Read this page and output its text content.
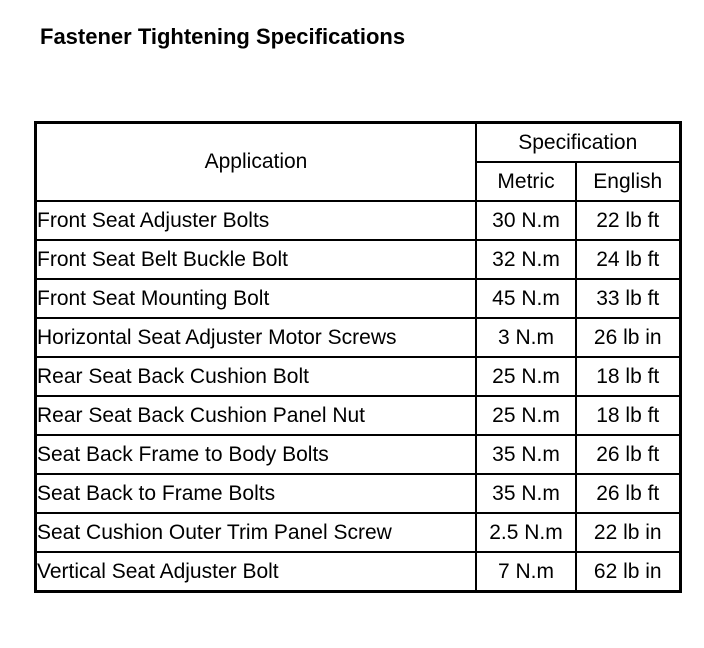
Fastener Tightening Specifications
Application	Specification	
	Metric	English
Front Seat Adjuster Bolts	30 N.m	22 lb ft
Front Seat Belt Buckle Bolt	32 N.m	24 lb ft
Front Seat Mounting Bolt	45 N.m	33 lb ft
Horizontal Seat Adjuster Motor Screws	3 N.m	26 lb in
Rear Seat Back Cushion Bolt	25 N.m	18 lb ft
Rear Seat Back Cushion Panel Nut	25 N.m	18 lb ft
Seat Back Frame to Body Bolts	35 N.m	26 lb ft
Seat Back to Frame Bolts	35 N.m	26 lb ft
Seat Cushion Outer Trim Panel Screw	2.5 N.m	22 lb in
Vertical Seat Adjuster Bolt	7 N.m	62 lb in
